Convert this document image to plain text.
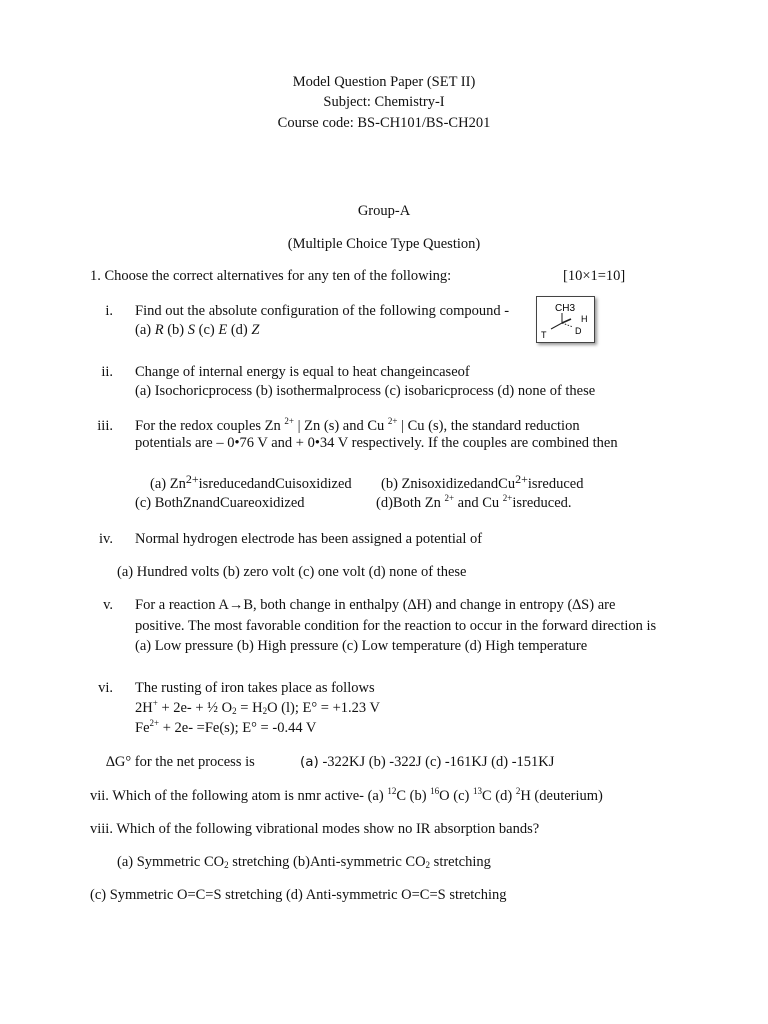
Model Question Paper (SET II)
Subject: Chemistry-I
Course code: BS-CH101/BS-CH201
Group-A
(Multiple Choice Type Question)
1. Choose the correct alternatives for any ten of the following:	[10×1=10]
i. Find out the absolute configuration of the following compound -
(a) R (b) S (c) E (d) Z
CH3
H
T	D
ii. Change of internal energy is equal to heat changeincaseof
(a) Isochoricprocess (b) isothermalprocess (c) isobaricprocess (d) none of these
iii. For the redox couples Zn $^{2+}$ | Zn (s) and Cu $^{2+}$ | Cu (s), the standard reduction
potentials are – 0•76 V and + 0•34 V respectively. If the couples are combined then
(a) $Zn^{2+}isreducedandCuisoxidized$ (b) ZnisoxidizedandCu$^{2+}$isreduced
(c) BothZnandCuareoxidized	(d)Both Zn $^{2+}$ and Cu $^{2+}$isreduced.
iv. Normal hydrogen electrode has been assigned a potential of
(a) Hundred volts (b) zero volt (c) one volt (d) none of these
v. For a reaction A→B, both change in enthalpy (∆H) and change in entropy (∆S) are
positive. The most favorable condition for the reaction to occur in the forward direction is
(a) Low pressure (b) High pressure (c) Low temperature (d) High temperature
vi. The rusting of iron takes place as follows
2H+ + 2e- + ½ $O_2 = H_2O$ (l); E° = +1.23 V
$Fe^{2+} + 2e- =Fe(s)$; E° = -0.44 V
∆G° for the net process is	(a) -322KJ (b) -322J (c) -161KJ (d) -151KJ
vii. Which of the following atom is nmr active- (a) $^{12}$C (b) $^{16}$O (c) $^{13}$C (d) $^2$H (deuterium)
viii. Which of the following vibrational modes show no IR absorption bands?
(a) Symmetric $CO_2$ stretching (b)Anti-symmetric $CO_2$ stretching
(c) Symmetric O=C=S stretching (d) Anti-symmetric O=C=S stretching
